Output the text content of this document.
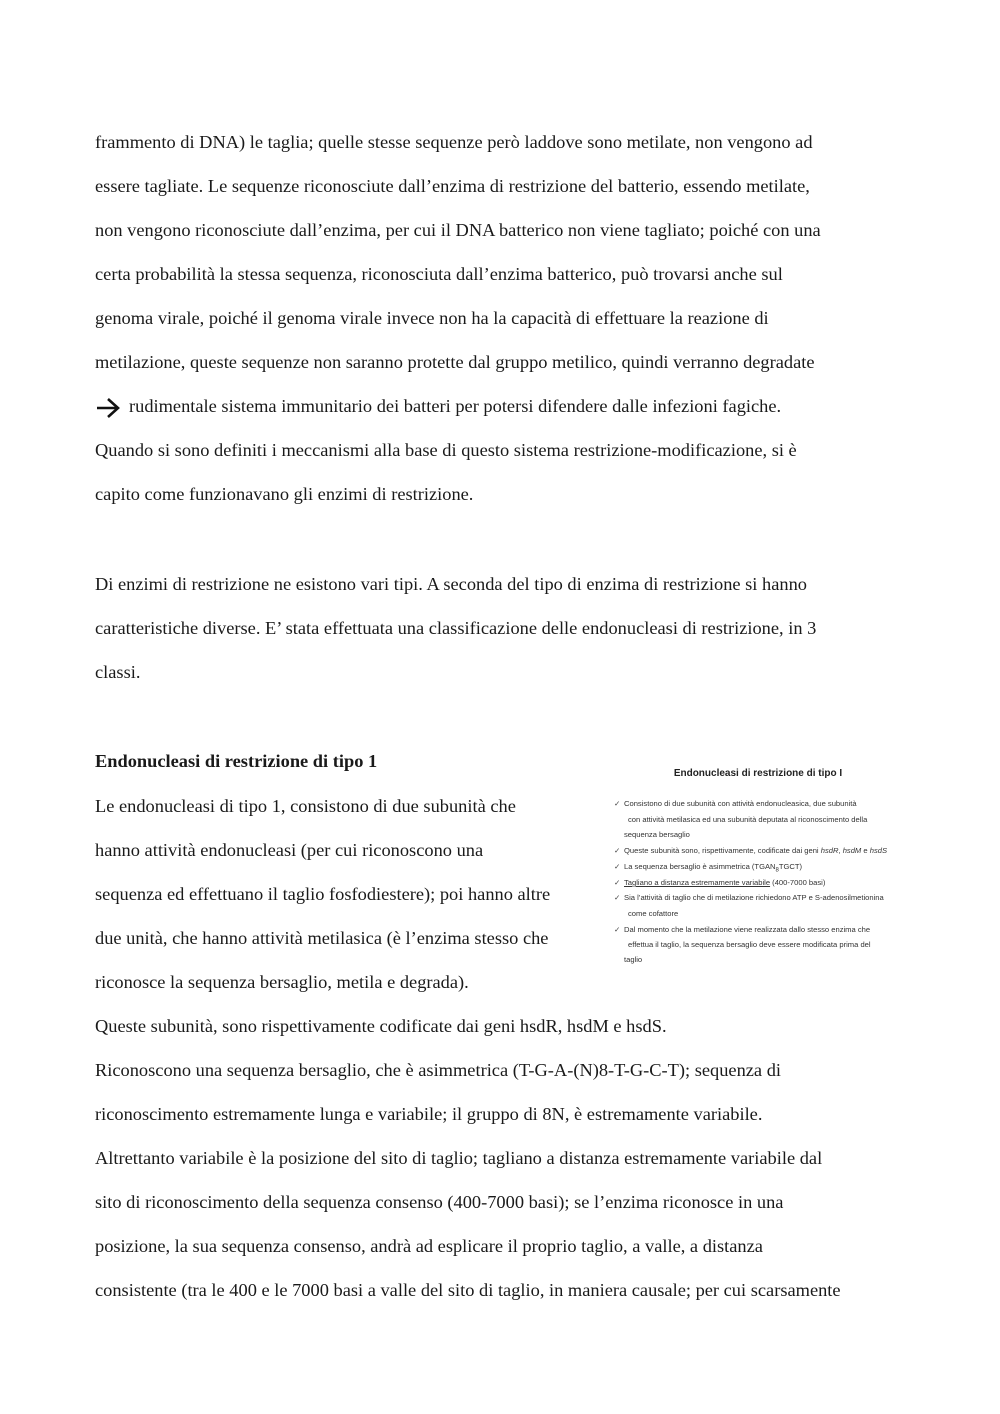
frammento di DNA) le taglia; quelle stesse sequenze però laddove sono metilate, non vengono ad
essere tagliate. Le sequenze riconosciute dall’enzima di restrizione del batterio, essendo metilate,
non vengono riconosciute dall’enzima, per cui il DNA batterico non viene tagliato; poiché con una
certa probabilità la stessa sequenza, riconosciuta dall’enzima batterico, può trovarsi anche sul
genoma virale, poiché il genoma virale invece non ha la capacità di effettuare la reazione di
metilazione, queste sequenze non saranno protette dal gruppo metilico, quindi verranno degradate
rudimentale sistema immunitario dei batteri per potersi difendere dalle infezioni fagiche.
Quando si sono definiti i meccanismi alla base di questo sistema restrizione-modificazione, si è
capito come funzionavano gli enzimi di restrizione.
Di enzimi di restrizione ne esistono vari tipi. A seconda del tipo di enzima di restrizione si hanno
caratteristiche diverse. E’ stata effettuata una classificazione delle endonucleasi di restrizione, in 3
classi.
Endonucleasi di restrizione di tipo 1
Le endonucleasi di tipo 1, consistono di due subunità che
hanno attività endonucleasi (per cui riconoscono una
sequenza ed effettuano il taglio fosfodiestere); poi hanno altre
due unità, che hanno attività metilasica (è l’enzima stesso che
riconosce la sequenza bersaglio, metila e degrada).
Queste subunità, sono rispettivamente codificate dai geni hsdR, hsdM e hsdS.
Riconoscono una sequenza bersaglio, che è asimmetrica (T-G-A-(N)8-T-G-C-T); sequenza di
riconoscimento estremamente lunga e variabile; il gruppo di 8N, è estremamente variabile.
Altrettanto variabile è la posizione del sito di taglio; tagliano a distanza estremamente variabile dal
sito di riconoscimento della sequenza consenso (400-7000 basi); se l’enzima riconosce in una
posizione, la sua sequenza consenso, andrà ad esplicare il proprio taglio, a valle, a distanza
consistente (tra le 400 e le 7000 basi a valle del sito di taglio, in maniera causale; per cui scarsamente
Endonucleasi di restrizione di tipo I
✓ Consistono di due subunità con attività endonucleasica, due subunità
con attività metilasica ed una subunità deputata al riconoscimento della
sequenza bersaglio
✓ Queste subunità sono, rispettivamente, codificate dai geni hsdR, hsdM e hsdS
✓ La sequenza bersaglio è asimmetrica $(TGAN_8TGCT)$
✓ Tagliano a distanza estremamente variabile (400-7000 basi)
✓ Sia l’attività di taglio che di metilazione richiedono ATP e S-adenosilmetionina
come cofattore
✓ Dal momento che la metilazione viene realizzata dallo stesso enzima che
effettua il taglio, la sequenza bersaglio deve essere modificata prima del
taglio
